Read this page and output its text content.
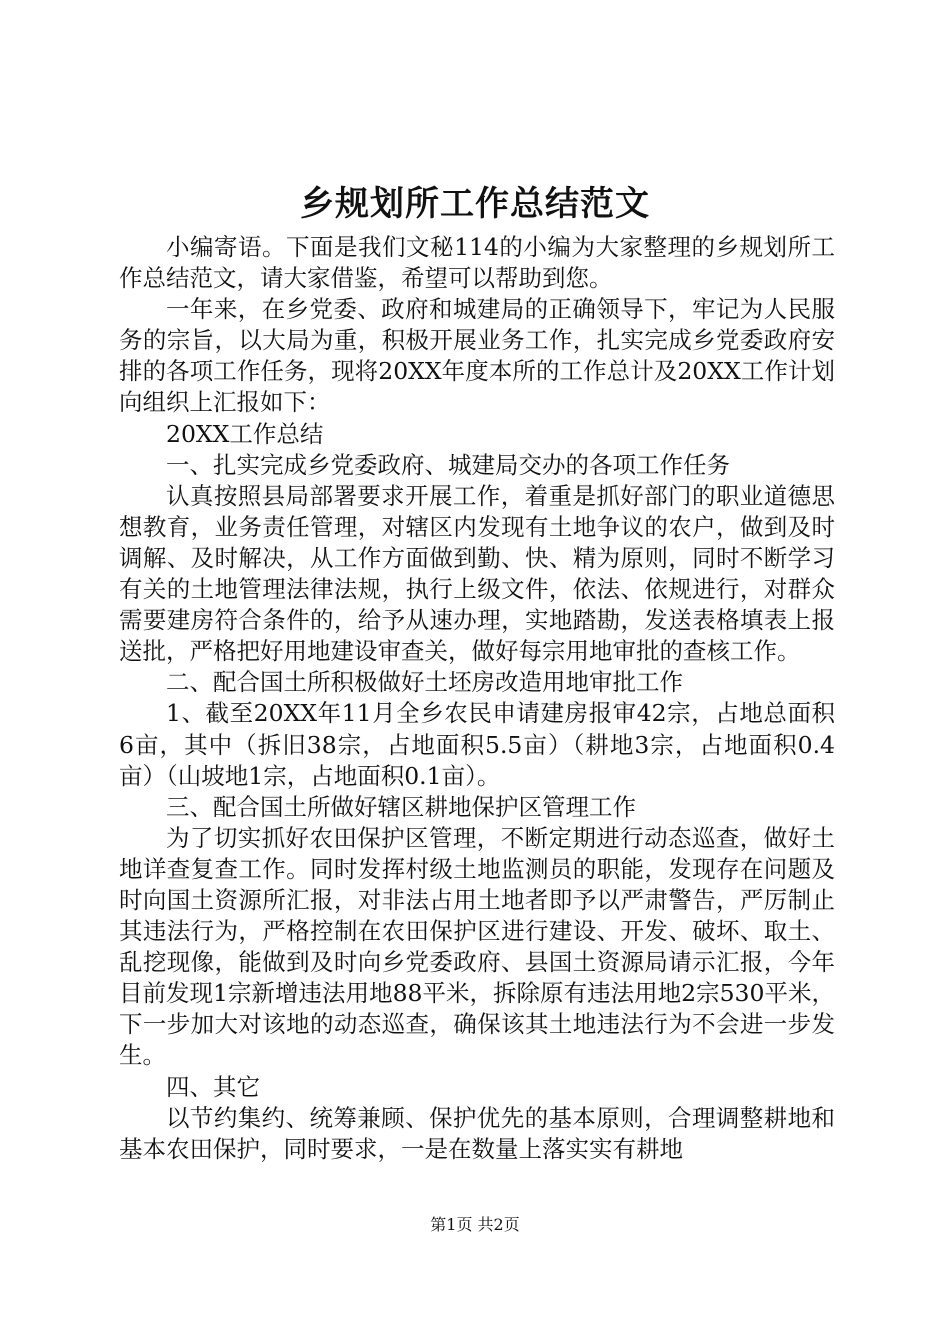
乡规划所工作总结范文

小编寄语。下面是我们文秘114的小编为大家整理的乡规划所工作总结范文，请大家借鉴，希望可以帮助到您。

一年来，在乡党委、政府和城建局的正确领导下，牢记为人民服务的宗旨，以大局为重，积极开展业务工作，扎实完成乡党委政府安排的各项工作任务，现将20XX年度本所的工作总计及20XX工作计划向组织上汇报如下：

20XX工作总结

一、扎实完成乡党委政府、城建局交办的各项工作任务

认真按照县局部署要求开展工作，着重是抓好部门的职业道德思想教育，业务责任管理，对辖区内发现有土地争议的农户，做到及时调解、及时解决，从工作方面做到勤、快、精为原则，同时不断学习有关的土地管理法律法规，执行上级文件，依法、依规进行，对群众需要建房符合条件的，给予从速办理，实地踏勘，发送表格填表上报送批，严格把好用地建设审查关，做好每宗用地审批的查核工作。

二、配合国土所积极做好土坯房改造用地审批工作

1、截至20XX年11月全乡农民申请建房报审42宗，占地总面积6亩，其中（拆旧38宗，占地面积5.5亩）（耕地3宗，占地面积0.4亩）（山坡地1宗，占地面积0.1亩）。

三、配合国土所做好辖区耕地保护区管理工作

为了切实抓好农田保护区管理，不断定期进行动态巡查，做好土地详查复查工作。同时发挥村级土地监测员的职能，发现存在问题及时向国土资源所汇报，对非法占用土地者即予以严肃警告，严厉制止其违法行为，严格控制在农田保护区进行建设、开发、破坏、取土、乱挖现像，能做到及时向乡党委政府、县国土资源局请示汇报，今年目前发现1宗新增违法用地88平米，拆除原有违法用地2宗530平米，下一步加大对该地的动态巡查，确保该其土地违法行为不会进一步发生。

四、其它

以节约集约、统筹兼顾、保护优先的基本原则，合理调整耕地和基本农田保护，同时要求，一是在数量上落实实有耕地

第1页 共2页
